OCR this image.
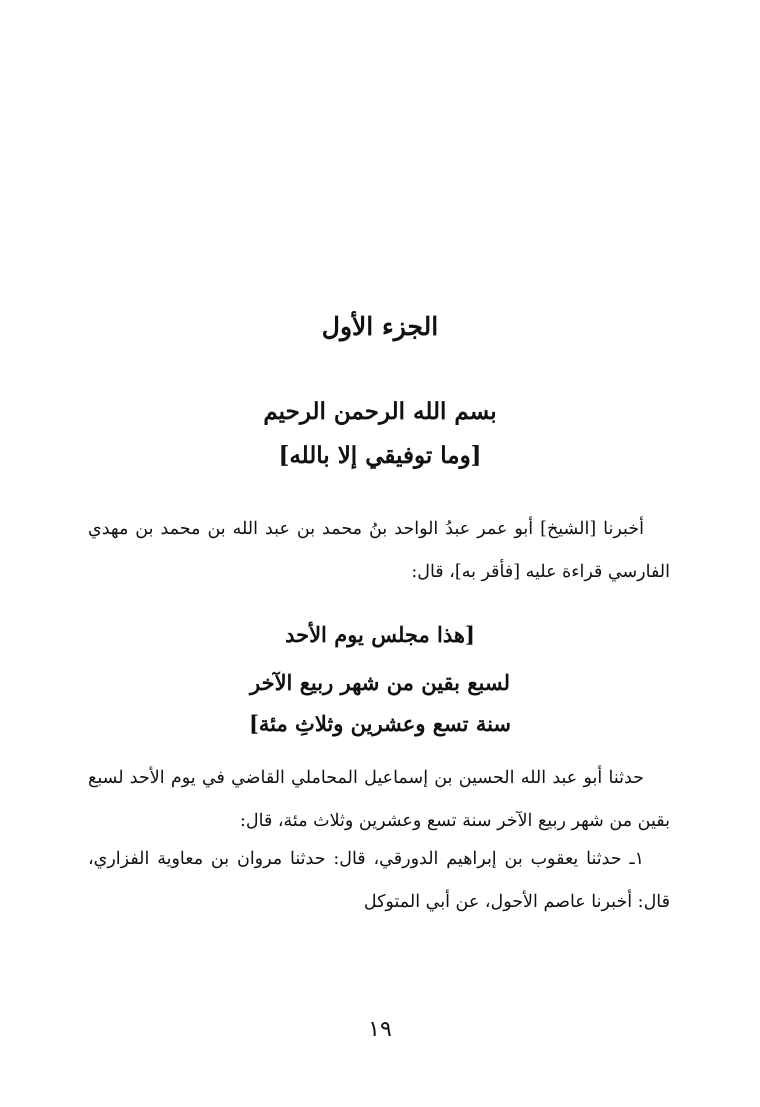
الجزء الأول
بسم الله الرحمن الرحيم
[وما توفيقي إلا بالله]
أخبرنا [الشيخ] أبو عمر عبدُ الواحد بنُ محمد بن عبد الله بن محمد بن مهدي الفارسي قراءة عليه [فأقر به]، قال:
[هذا مجلس يوم الأحد
لسبع بقين من شهر ربيع الآخر
سنة تسع وعشرين وثلاثِ مئة]
حدثنا أبو عبد الله الحسين بن إسماعيل المحاملي القاضي في يوم الأحد لسبع بقين من شهر ربيع الآخر سنة تسع وعشرين وثلاث مئة، قال:
١ـ حدثنا يعقوب بن إبراهيم الدورقي، قال: حدثنا مروان بن معاوية الفزاري، قال: أخبرنا عاصم الأحول، عن أبي المتوكل
١٩
